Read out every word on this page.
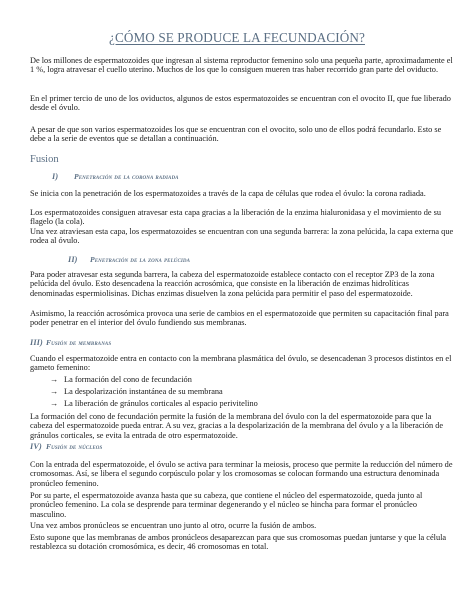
¿CÓMO SE PRODUCE LA FECUNDACIÓN?

De los millones de espermatozoides que ingresan al sistema reproductor femenino solo una pequeña parte, aproximadamente el 1 %, logra atravesar el cuello uterino. Muchos de los que lo consiguen mueren tras haber recorrido gran parte del oviducto.

En el primer tercio de uno de los oviductos, algunos de estos espermatozoides se encuentran con el ovocito II, que fue liberado desde el óvulo.

A pesar de que son varios espermatozoides los que se encuentran con el ovocito, solo uno de ellos podrá fecundarlo. Esto se debe a la serie de eventos que se detallan a continuación.

Fusion
I) Penetración de la corona radiada

Se inicia con la penetración de los espermatozoides a través de la capa de células que rodea el óvulo: la corona radiada.

Los espermatozoides consiguen atravesar esta capa gracias a la liberación de la enzima hialuronidasa y el movimiento de su flagelo (la cola).

Una vez atraviesan esta capa, los espermatozoides se encuentran con una segunda barrera: la zona pelúcida, la capa externa que rodea al óvulo.

II) Penetración de la zona pelúcida

Para poder atravesar esta segunda barrera, la cabeza del espermatozoide establece contacto con el receptor ZP3 de la zona pelúcida del óvulo. Esto desencadena la reacción acrosómica, que consiste en la liberación de enzimas hidrolíticas denominadas espermiolisinas. Dichas enzimas disuelven la zona pelúcida para permitir el paso del espermatozoide.

Asimismo, la reacción acrosómica provoca una serie de cambios en el espermatozoide que permiten su capacitación final para poder penetrar en el interior del óvulo fundiendo sus membranas.

III) Fusión de membranas

Cuando el espermatozoide entra en contacto con la membrana plasmática del óvulo, se desencadenan 3 procesos distintos en el gameto femenino:

→ La formación del cono de fecundación
→ La despolarización instantánea de su membrana
→ La liberación de gránulos corticales al espacio perivitelino

La formación del cono de fecundación permite la fusión de la membrana del óvulo con la del espermatozoide para que la cabeza del espermatozoide pueda entrar. A su vez, gracias a la despolarización de la membrana del óvulo y a la liberación de gránulos corticales, se evita la entrada de otro espermatozoide.

IV) Fusión de núcleos

Con la entrada del espermatozoide, el óvulo se activa para terminar la meiosis, proceso que permite la reducción del número de cromosomas. Así, se libera el segundo corpúsculo polar y los cromosomas se colocan formando una estructura denominada pronúcleo femenino.

Por su parte, el espermatozoide avanza hasta que su cabeza, que contiene el núcleo del espermatozoide, queda junto al pronúcleo femenino. La cola se desprende para terminar degenerando y el núcleo se hincha para formar el pronúcleo masculino.

Una vez ambos pronúcleos se encuentran uno junto al otro, ocurre la fusión de ambos.

Esto supone que las membranas de ambos pronúcleos desaparezcan para que sus cromosomas puedan juntarse y que la célula restablezca su dotación cromosómica, es decir, 46 cromosomas en total.
